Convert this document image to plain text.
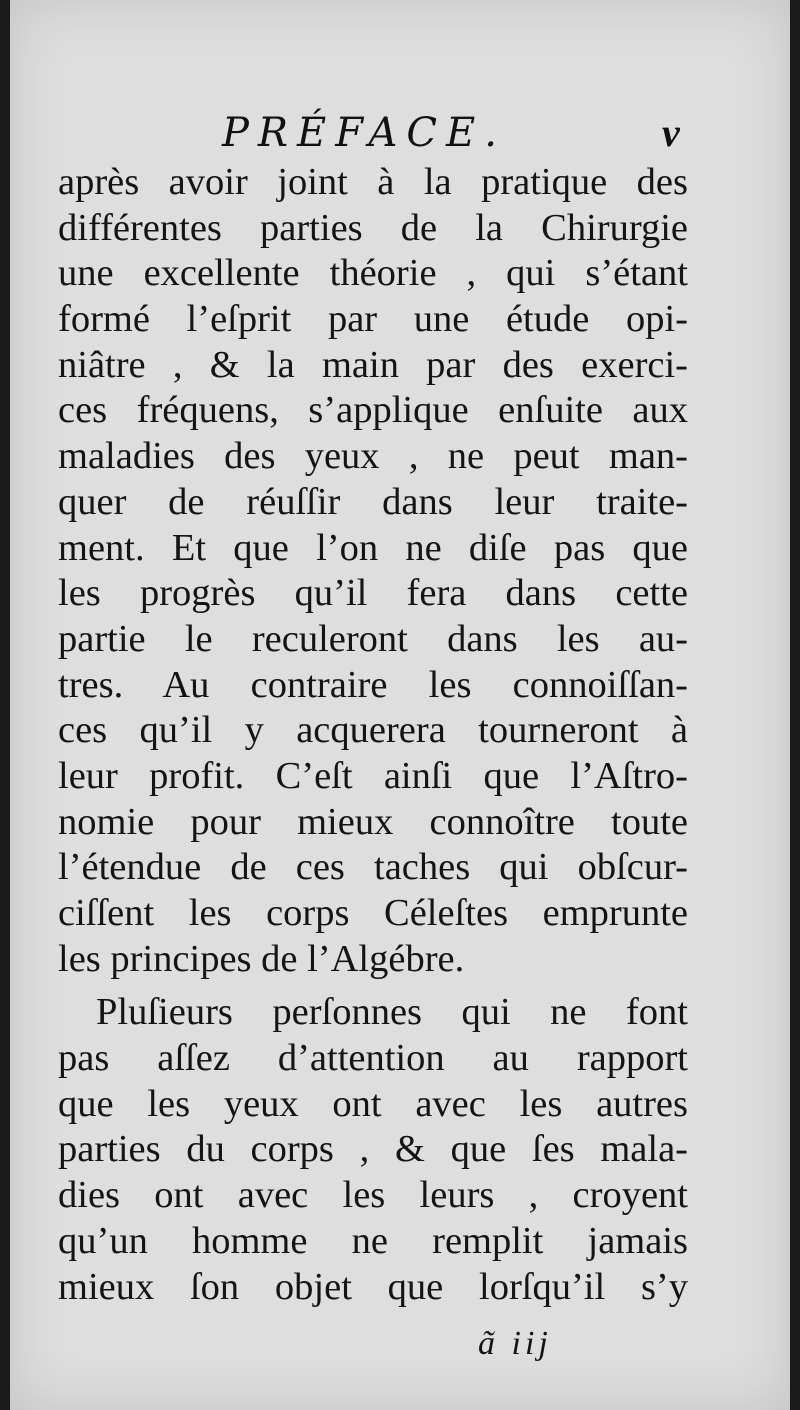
PRÉFACE.	v
après avoir joint à la pratique des
différentes parties de la Chirurgie
une excellente théorie , qui s’étant
formé l’eſprit par une étude opi-
niâtre , & la main par des exerci-
ces fréquens, s’applique enſuite aux
maladies des yeux , ne peut man-
quer de réuſſir dans leur traite-
ment. Et que l’on ne diſe pas que
les progrès qu’il fera dans cette
partie le reculeront dans les au-
tres. Au contraire les connoiſſan-
ces qu’il y acquerera tourneront à
leur profit. C’eſt ainſi que l’Aſtro-
nomie pour mieux connoître toute
l’étendue de ces taches qui obſcur-
ciſſent les corps Céleſtes emprunte
les principes de l’Algébre.
Pluſieurs perſonnes qui ne font
pas aſſez d’attention au rapport
que les yeux ont avec les autres
parties du corps , & que ſes mala-
dies ont avec les leurs , croyent
qu’un homme ne remplit jamais
mieux ſon objet que lorſqu’il s’y
ã iij
